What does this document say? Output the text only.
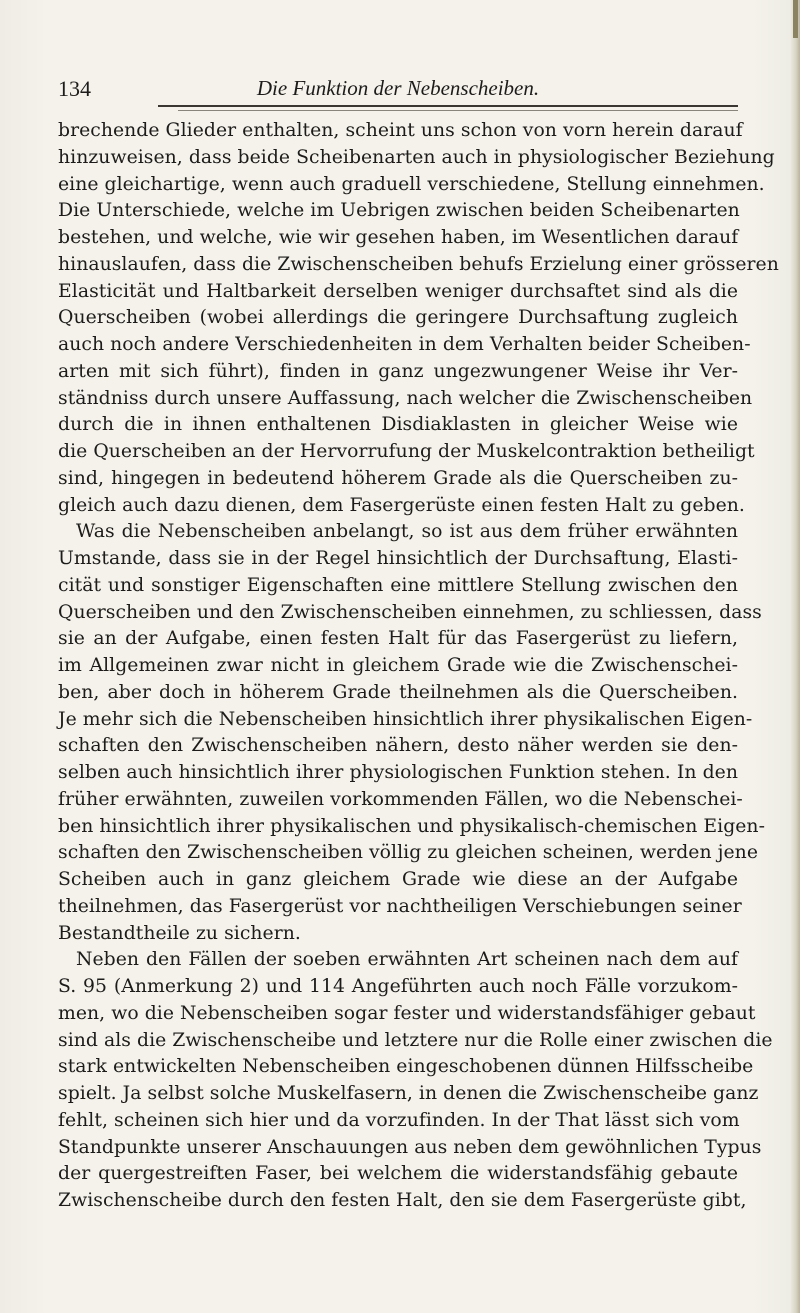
134	Die Funktion der Nebenscheiben.
brechende Glieder enthalten, scheint uns schon von vorn herein darauf
hinzuweisen, dass beide Scheibenarten auch in physiologischer Beziehung
eine gleichartige, wenn auch graduell verschiedene, Stellung einnehmen.
Die Unterschiede, welche im Uebrigen zwischen beiden Scheibenarten
bestehen, und welche, wie wir gesehen haben, im Wesentlichen darauf
hinauslaufen, dass die Zwischenscheiben behufs Erzielung einer grösseren
Elasticität und Haltbarkeit derselben weniger durchsaftet sind als die
Querscheiben (wobei allerdings die geringere Durchsaftung zugleich
auch noch andere Verschiedenheiten in dem Verhalten beider Scheiben-
arten mit sich führt), finden in ganz ungezwungener Weise ihr Ver-
ständniss durch unsere Auffassung, nach welcher die Zwischenscheiben
durch die in ihnen enthaltenen Disdiaklasten in gleicher Weise wie
die Querscheiben an der Hervorrufung der Muskelcontraktion betheiligt
sind, hingegen in bedeutend höherem Grade als die Querscheiben zu-
gleich auch dazu dienen, dem Fasergerüste einen festen Halt zu geben.
Was die Nebenscheiben anbelangt, so ist aus dem früher erwähnten
Umstande, dass sie in der Regel hinsichtlich der Durchsaftung, Elasti-
cität und sonstiger Eigenschaften eine mittlere Stellung zwischen den
Querscheiben und den Zwischenscheiben einnehmen, zu schliessen, dass
sie an der Aufgabe, einen festen Halt für das Fasergerüst zu liefern,
im Allgemeinen zwar nicht in gleichem Grade wie die Zwischenschei-
ben, aber doch in höherem Grade theilnehmen als die Querscheiben.
Je mehr sich die Nebenscheiben hinsichtlich ihrer physikalischen Eigen-
schaften den Zwischenscheiben nähern, desto näher werden sie den-
selben auch hinsichtlich ihrer physiologischen Funktion stehen. In den
früher erwähnten, zuweilen vorkommenden Fällen, wo die Nebenschei-
ben hinsichtlich ihrer physikalischen und physikalisch-chemischen Eigen-
schaften den Zwischenscheiben völlig zu gleichen scheinen, werden jene
Scheiben auch in ganz gleichem Grade wie diese an der Aufgabe
theilnehmen, das Fasergerüst vor nachtheiligen Verschiebungen seiner
Bestandtheile zu sichern.
Neben den Fällen der soeben erwähnten Art scheinen nach dem auf
S. 95 (Anmerkung 2) und 114 Angeführten auch noch Fälle vorzukom-
men, wo die Nebenscheiben sogar fester und widerstandsfähiger gebaut
sind als die Zwischenscheibe und letztere nur die Rolle einer zwischen die
stark entwickelten Nebenscheiben eingeschobenen dünnen Hilfsscheibe
spielt. Ja selbst solche Muskelfasern, in denen die Zwischenscheibe ganz
fehlt, scheinen sich hier und da vorzufinden. In der That lässt sich vom
Standpunkte unserer Anschauungen aus neben dem gewöhnlichen Typus
der quergestreiften Faser, bei welchem die widerstandsfähig gebaute
Zwischenscheibe durch den festen Halt, den sie dem Fasergerüste gibt,
